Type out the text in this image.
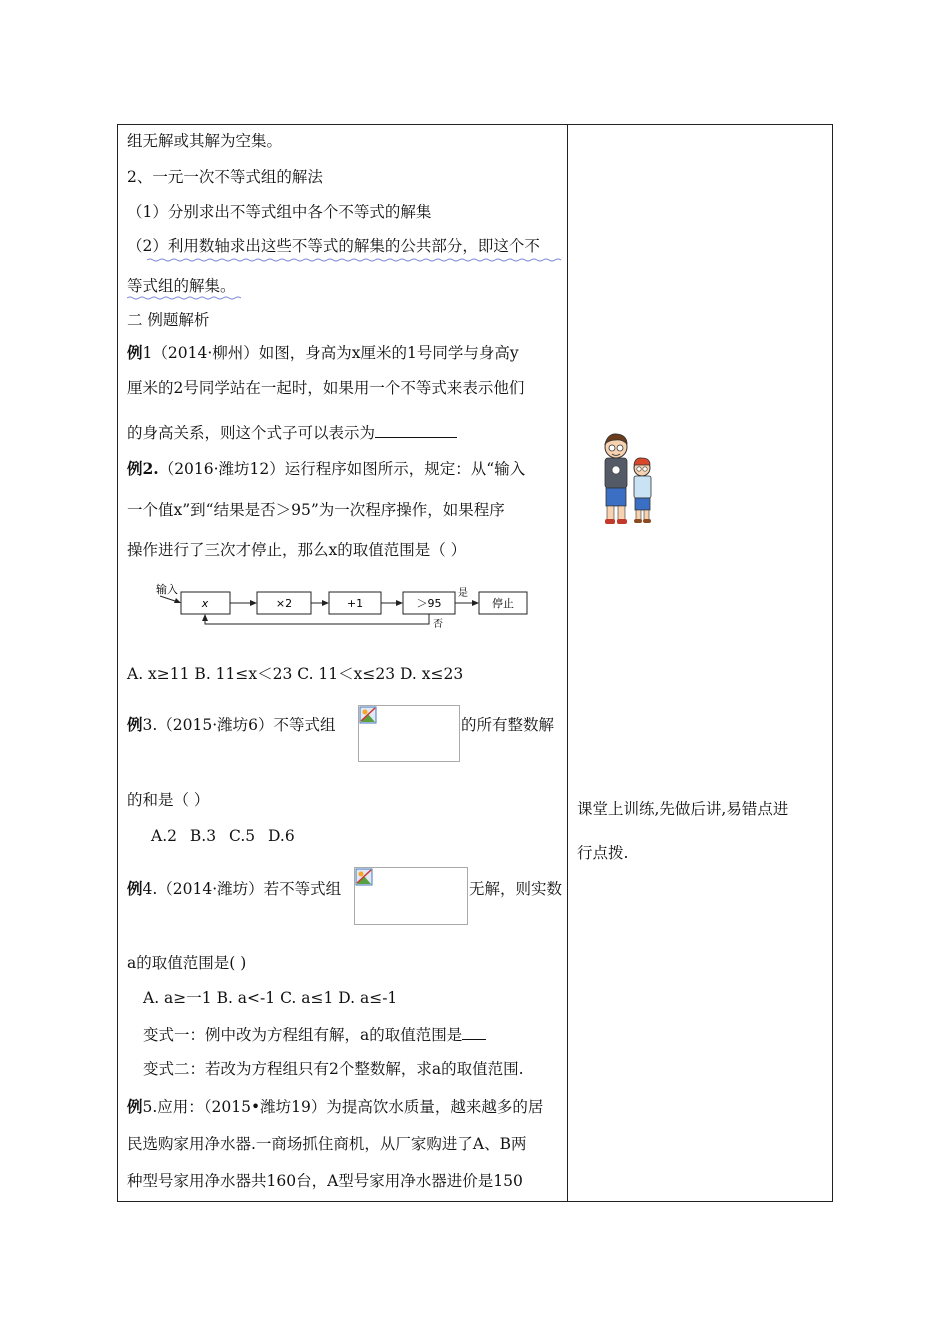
组无解或其解为空集。
2、一元一次不等式组的解法
（1）分别求出不等式组中各个不等式的解集
（2）利用数轴求出这些不等式的解集的公共部分，即这个不
等式组的解集。
二 例题解析
例1（2014·柳州）如图，身高为x厘米的1号同学与身高y
厘米的2号同学站在一起时，如果用一个不等式来表示他们
的身高关系，则这个式子可以表示为
例2.（2016·潍坊12）运行程序如图所示，规定：从“输入
一个值x”到“结果是否＞95”为一次程序操作，如果程序
操作进行了三次才停止，那么x的取值范围是（ ）
输入
x	×2	+1	＞95
是
停止
否
A. x≥11 B. 11≤x＜23 C. 11＜x≤23 D. x≤23
例3.（2015·潍坊6）不等式组	的所有整数解
的和是（ ）
A.2 B.3 C.5 D.6
例4.（2014·潍坊）若不等式组	无解，则实数
a的取值范围是( )
A. a≥一1 B. a<-1 C. a≤1 D. a≤-1
变式一：例中改为方程组有解，a的取值范围是
变式二：若改为方程组只有2个整数解，求a的取值范围.
例5.应用：（2015•潍坊19）为提高饮水质量，越来越多的居
民选购家用净水器.一商场抓住商机，从厂家购进了A、B两
种型号家用净水器共160台，A型号家用净水器进价是150
课堂上训练,先做后讲,易错点进
行点拨.
